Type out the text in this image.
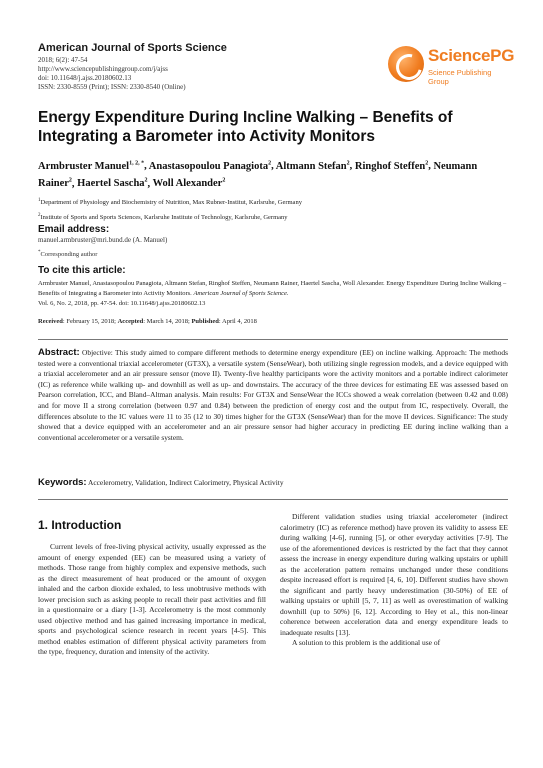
American Journal of Sports Science
2018; 6(2): 47-54
http://www.sciencepublishinggroup.com/j/ajss
doi: 10.11648/j.ajss.20180602.13
ISSN: 2330-8559 (Print); ISSN: 2330-8540 (Online)
SciencePG
Science Publishing Group
Energy Expenditure During Incline Walking – Benefits of Integrating a Barometer into Activity Monitors
Armbruster Manuel$^{1, 2, *}$, Anastasopoulou Panagiota$^2$, Altmann Stefan$^2$, Ringhof Steffen$^2$, Neumann Rainer$^2$, Haertel Sascha$^2$, Woll Alexander$^2$
$^1$Department of Physiology and Biochemistry of Nutrition, Max Rubner-Institut, Karlsruhe, Germany
$^2$Institute of Sports and Sports Sciences, Karlsruhe Institute of Technology, Karlsruhe, Germany
Email address:
manuel.armbruster@mri.bund.de (A. Manuel)
*Corresponding author
To cite this article:
Armbruster Manuel, Anastasopoulou Panagiota, Altmann Stefan, Ringhof Steffen, Neumann Rainer, Haertel Sascha, Woll Alexander. Energy Expenditure During Incline Walking – Benefits of Integrating a Barometer into Activity Monitors. American Journal of Sports Science.
Vol. 6, No. 2, 2018, pp. 47-54. doi: 10.11648/j.ajss.20180602.13
Received: February 15, 2018; Accepted: March 14, 2018; Published: April 4, 2018
Abstract: Objective: This study aimed to compare different methods to determine energy expenditure (EE) on incline walking. Approach: The methods tested were a conventional triaxial accelerometer (GT3X), a versatile system (SenseWear), both utilizing single regression models, and a device equipped with a triaxial accelerometer and an air pressure sensor (move II). Twenty-five healthy participants wore the activity monitors and a portable indirect calorimeter (IC) as reference while walking up- and downhill as well as up- and downstairs. The accuracy of the three devices for estimating EE was assessed based on Pearson correlation, ICC, and Bland–Altman analysis. Main results: For GT3X and SenseWear the ICCs showed a weak correlation (between 0.42 and 0.08) and for move II a strong correlation (between 0.97 and 0.84) between the prediction of energy cost and the output from IC, respectively. Overall, the differences absolute to the IC values were 11 to 35 (12 to 30) times higher for the GT3X (SenseWear) than for the move II devices. Significance: The study showed that a device equipped with an accelerometer and an air pressure sensor had higher accuracy in predicting EE during incline walking than a conventional accelerometer or a versatile system.
Keywords: Accelerometry, Validation, Indirect Calorimetry, Physical Activity
1. Introduction

Current levels of free-living physical activity, usually expressed as the amount of energy expended (EE) can be measured using a variety of methods. Those range from highly complex and expensive methods, such as the direct measurement of heat produced or the amount of oxygen inhaled and the carbon dioxide exhaled, to less unobtrusive methods with lower precision such as asking people to recall their past activities and fill in a questionnaire or a diary [1-3]. Accelerometry is the most commonly used objective method and has gained increasing importance in medical, sports and psychological science research in recent years [4-5]. This method enables estimation of different physical activity parameters from the type, frequency, duration and intensity of the activity.

Different validation studies using triaxial accelerometer (indirect calorimetry (IC) as reference method) have proven its validity to assess EE during walking [4-6], running [5], or other everyday activities [7-9]. The use of the aforementioned devices is restricted by the fact that they cannot assess the increase in energy expenditure during walking upstairs or uphill as the acceleration pattern remains unchanged under these conditions despite increased effort is required [4, 6, 10]. Different studies have shown the significant and partly heavy underestimation (30-50%) of EE of walking upstairs or uphill [5, 7, 11] as well as overestimation of walking downhill (up to 50%) [6, 12]. According to Hey et al., this non-linear coherence between acceleration data and energy expenditure leads to inadequate results [13].

A solution to this problem is the additional use of
